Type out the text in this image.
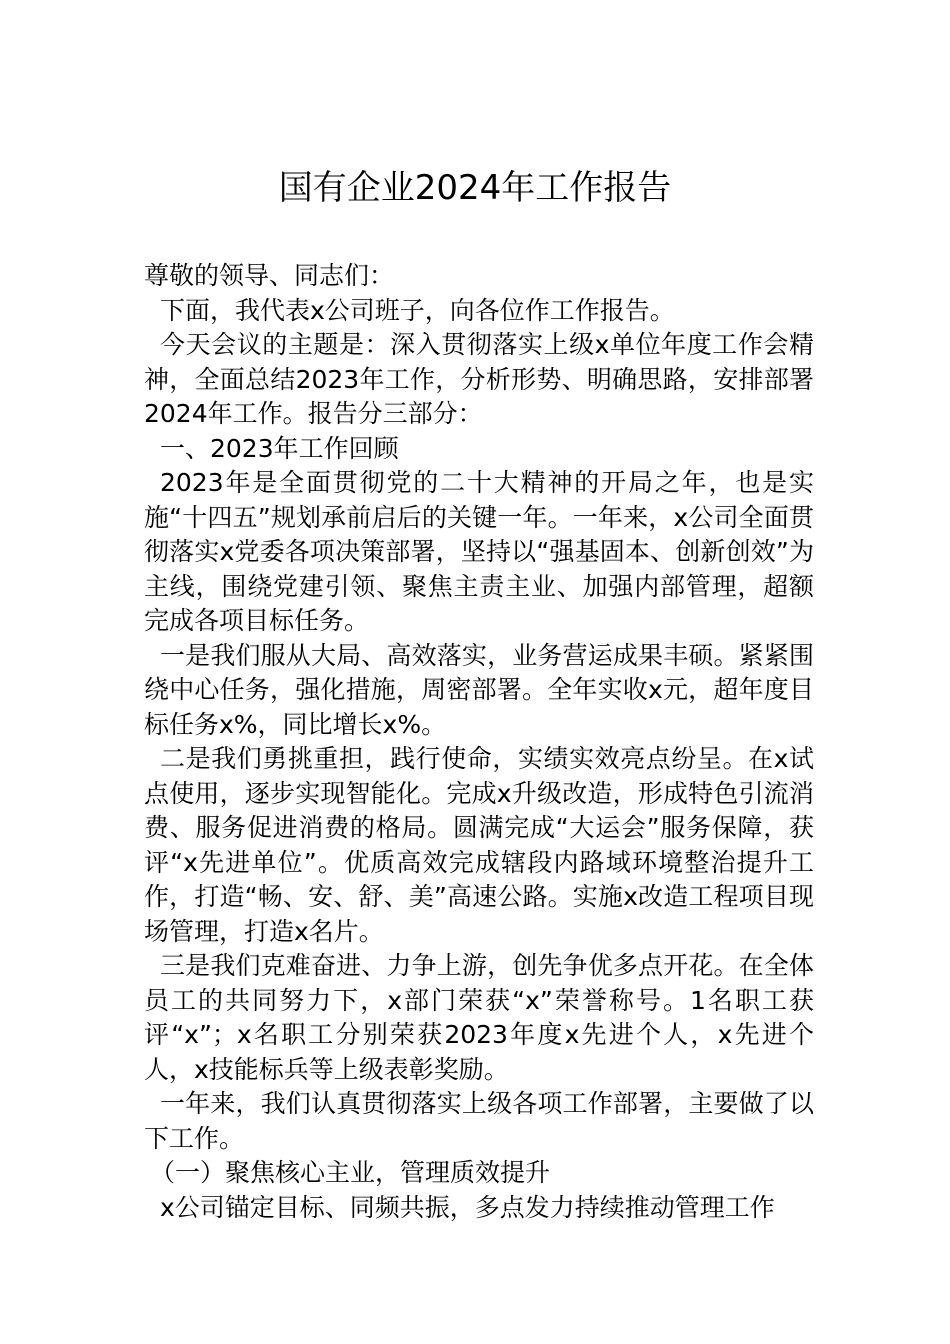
国有企业2024年工作报告

尊敬的领导、同志们：

下面，我代表x公司班子，向各位作工作报告。

今天会议的主题是：深入贯彻落实上级x单位年度工作会精神，全面总结2023年工作，分析形势、明确思路，安排部署2024年工作。报告分三部分：

一、2023年工作回顾

2023年是全面贯彻党的二十大精神的开局之年，也是实施“十四五”规划承前启后的关键一年。一年来，x公司全面贯彻落实x党委各项决策部署，坚持以“强基固本、创新创效”为主线，围绕党建引领、聚焦主责主业、加强内部管理，超额完成各项目标任务。

一是我们服从大局、高效落实，业务营运成果丰硕。紧紧围绕中心任务，强化措施，周密部署。全年实收x元，超年度目标任务x%，同比增长x%。

二是我们勇挑重担，践行使命，实绩实效亮点纷呈。在x试点使用，逐步实现智能化。完成x升级改造，形成特色引流消费、服务促进消费的格局。圆满完成“大运会”服务保障，获评“x先进单位”。优质高效完成辖段内路域环境整治提升工作，打造“畅、安、舒、美”高速公路。实施x改造工程项目现场管理，打造x名片。

三是我们克难奋进、力争上游，创先争优多点开花。在全体员工的共同努力下，x部门荣获“x”荣誉称号。1名职工获评“x”；x名职工分别荣获2023年度x先进个人，x先进个人，x技能标兵等上级表彰奖励。

一年来，我们认真贯彻落实上级各项工作部署，主要做了以下工作。

（一）聚焦核心主业，管理质效提升

x公司锚定目标、同频共振，多点发力持续推动管理工作
